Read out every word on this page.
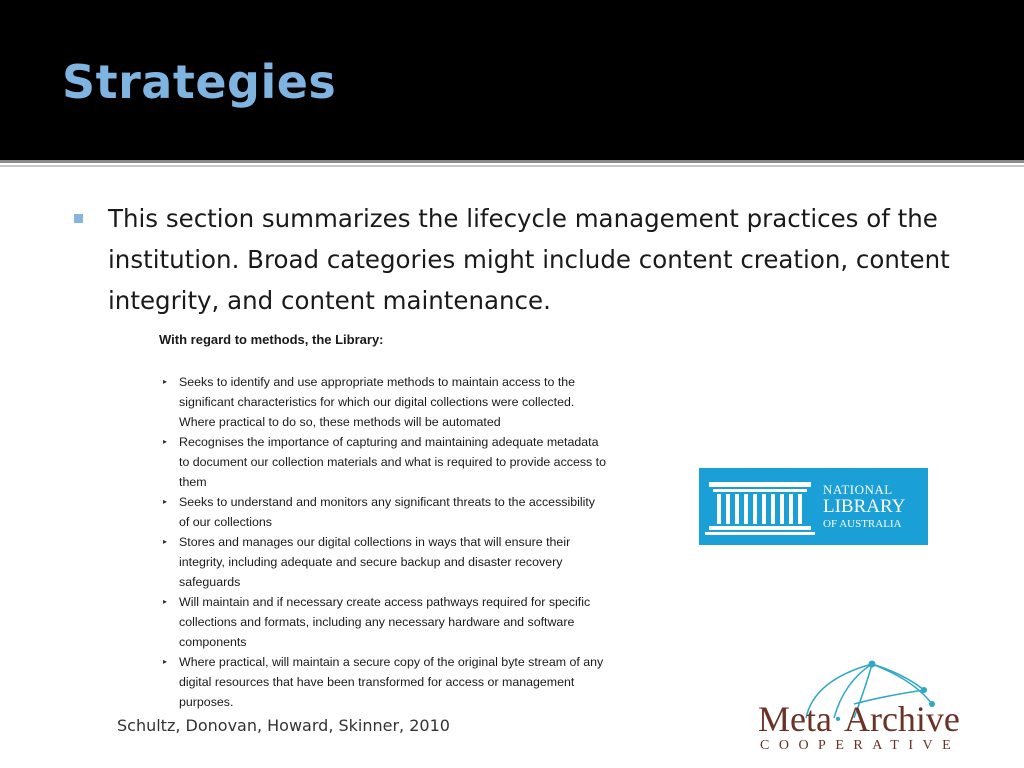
Strategies
This section summarizes the lifecycle management practices of the institution. Broad categories might include content creation, content integrity, and content maintenance.
With regard to methods, the Library:
▸ Seeks to identify and use appropriate methods to maintain access to the
significant characteristics for which our digital collections were collected.
Where practical to do so, these methods will be automated
▸ Recognises the importance of capturing and maintaining adequate metadata
to document our collection materials and what is required to provide access to
them
▸ Seeks to understand and monitors any significant threats to the accessibility
of our collections
▸ Stores and manages our digital collections in ways that will ensure their
integrity, including adequate and secure backup and disaster recovery
safeguards
▸ Will maintain and if necessary create access pathways required for specific
collections and formats, including any necessary hardware and software
components
▸ Where practical, will maintain a secure copy of the original byte stream of any
digital resources that have been transformed for access or management
purposes.
NATIONAL
LIBRARY
OF AUSTRALIA
Schultz, Donovan, Howard, Skinner, 2010	Meta·Archive
COOPERATIVE
